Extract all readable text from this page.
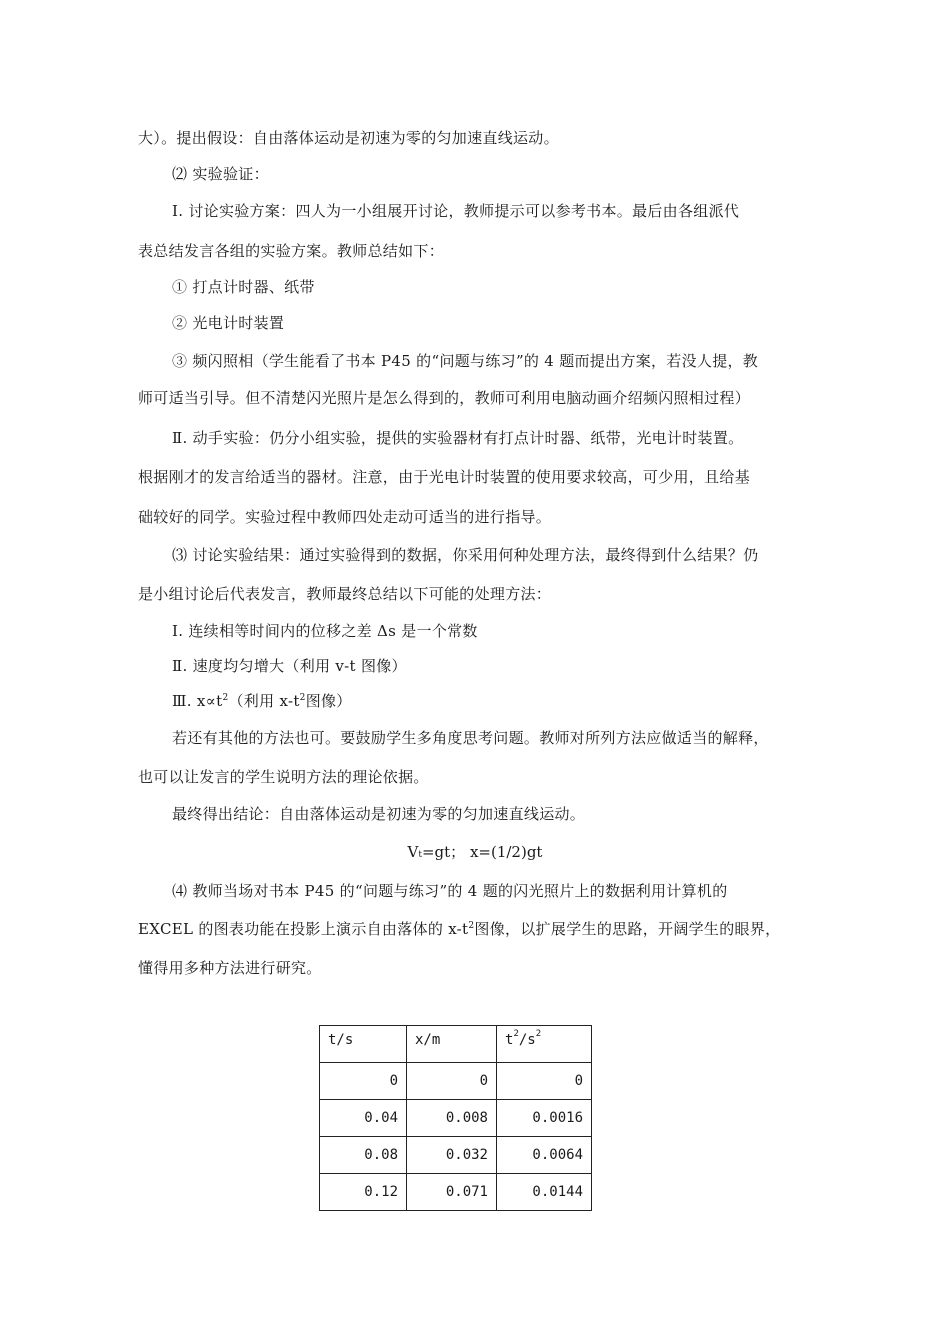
大）。提出假设：自由落体运动是初速为零的匀加速直线运动。
⑵ 实验验证：
Ⅰ. 讨论实验方案：四人为一小组展开讨论，教师提示可以参考书本。最后由各组派代
表总结发言各组的实验方案。教师总结如下：
① 打点计时器、纸带
② 光电计时装置
③ 频闪照相（学生能看了书本 P45 的“问题与练习”的 4 题而提出方案，若没人提，教
师可适当引导。但不清楚闪光照片是怎么得到的，教师可利用电脑动画介绍频闪照相过程）
Ⅱ. 动手实验：仍分小组实验，提供的实验器材有打点计时器、纸带，光电计时装置。
根据刚才的发言给适当的器材。注意，由于光电计时装置的使用要求较高，可少用，且给基
础较好的同学。实验过程中教师四处走动可适当的进行指导。
⑶ 讨论实验结果：通过实验得到的数据，你采用何种处理方法，最终得到什么结果？仍
是小组讨论后代表发言，教师最终总结以下可能的处理方法：
Ⅰ. 连续相等时间内的位移之差 Δs 是一个常数
Ⅱ. 速度均匀增大（利用 v-t 图像）
Ⅲ. $x\propto t^2$（利用 $x-t^2$图像）
若还有其他的方法也可。要鼓励学生多角度思考问题。教师对所列方法应做适当的解释，
也可以让发言的学生说明方法的理论依据。
最终得出结论：自由落体运动是初速为零的匀加速直线运动。
$V_t=gt$； x=(1/2)gt
⑷ 教师当场对书本 P45 的“问题与练习”的 4 题的闪光照片上的数据利用计算机的
EXCEL 的图表功能在投影上演示自由落体的 $x-t^2$图像，以扩展学生的思路，开阔学生的眼界，
懂得用多种方法进行研究。
t/s	x/m	$t^2/s^2$
0	0	0
0.04	0.008	0.0016
0.08	0.032	0.0064
0.12	0.071	0.0144
